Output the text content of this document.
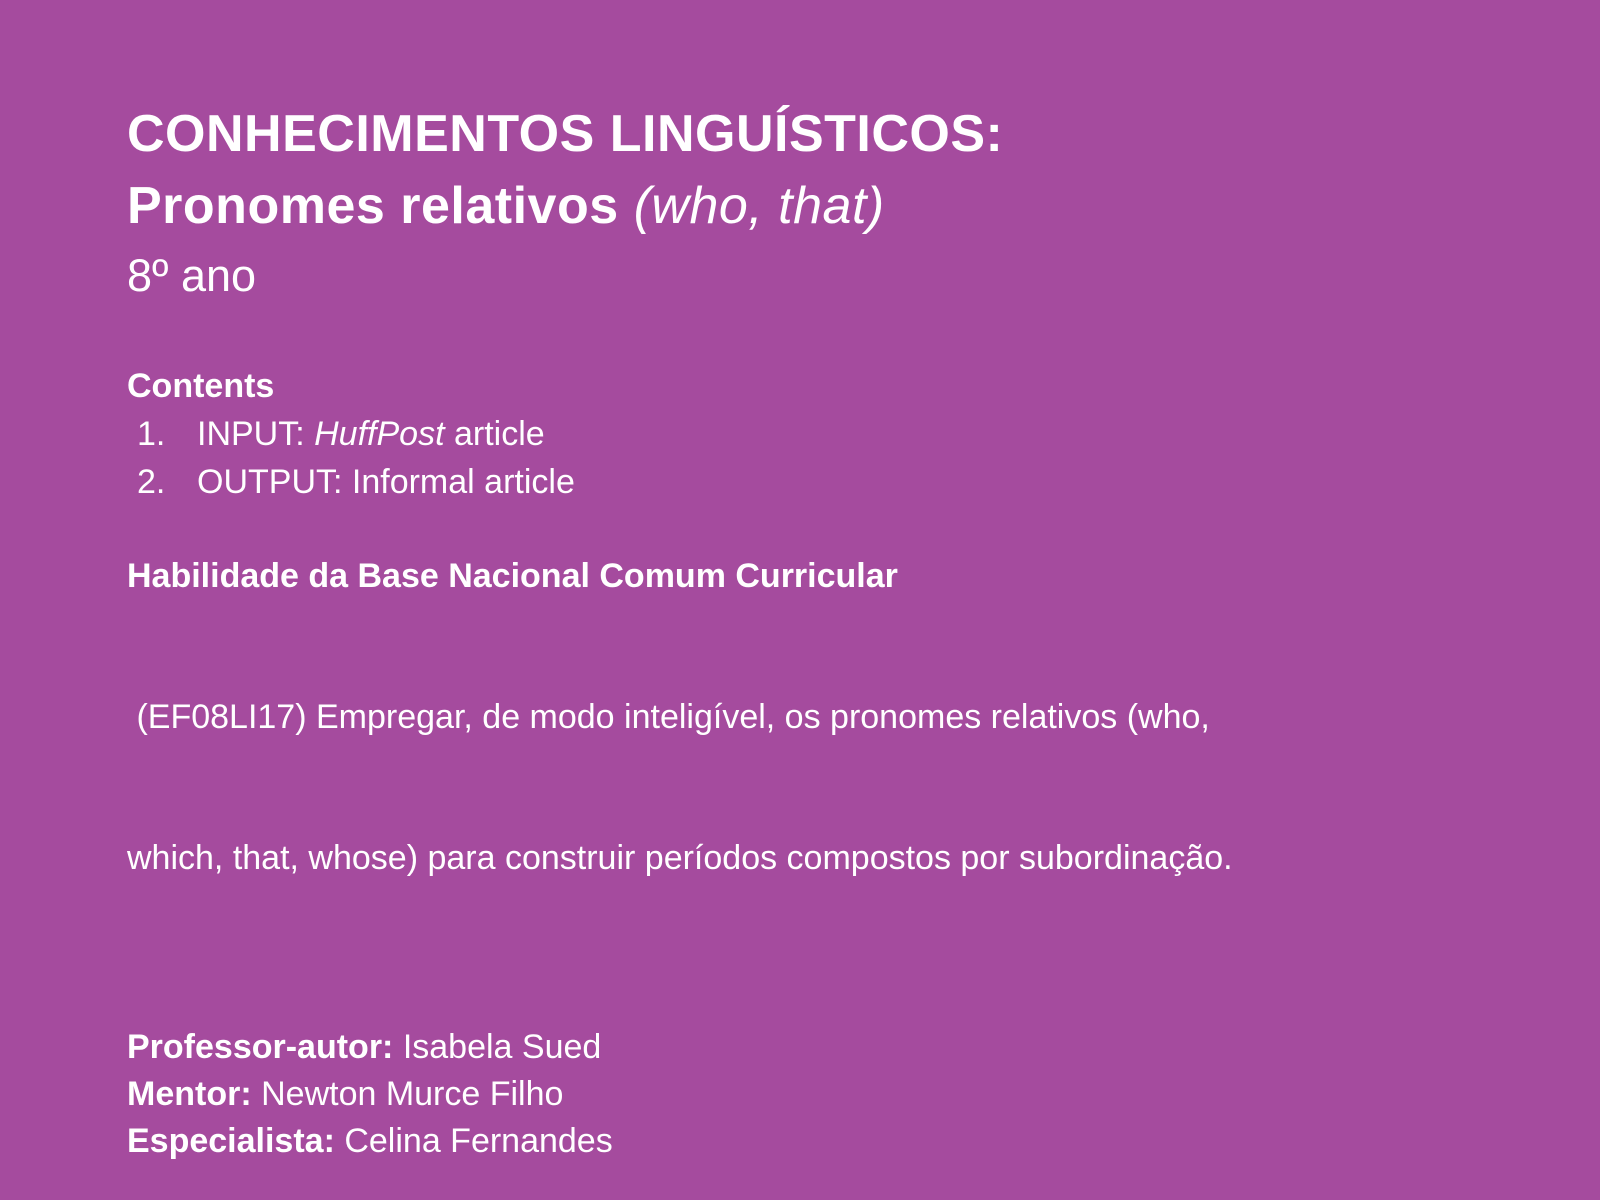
CONHECIMENTOS LINGUÍSTICOS:
Pronomes relativos (who, that)
8º ano
Contents
1. INPUT: HuffPost article
2. OUTPUT: Informal article
Habilidade da Base Nacional Comum Curricular

(EF08LI17) Empregar, de modo inteligível, os pronomes relativos (who,

which, that, whose) para construir períodos compostos por subordinação.

Professor-autor: Isabela Sued
Mentor: Newton Murce Filho
Especialista: Celina Fernandes
